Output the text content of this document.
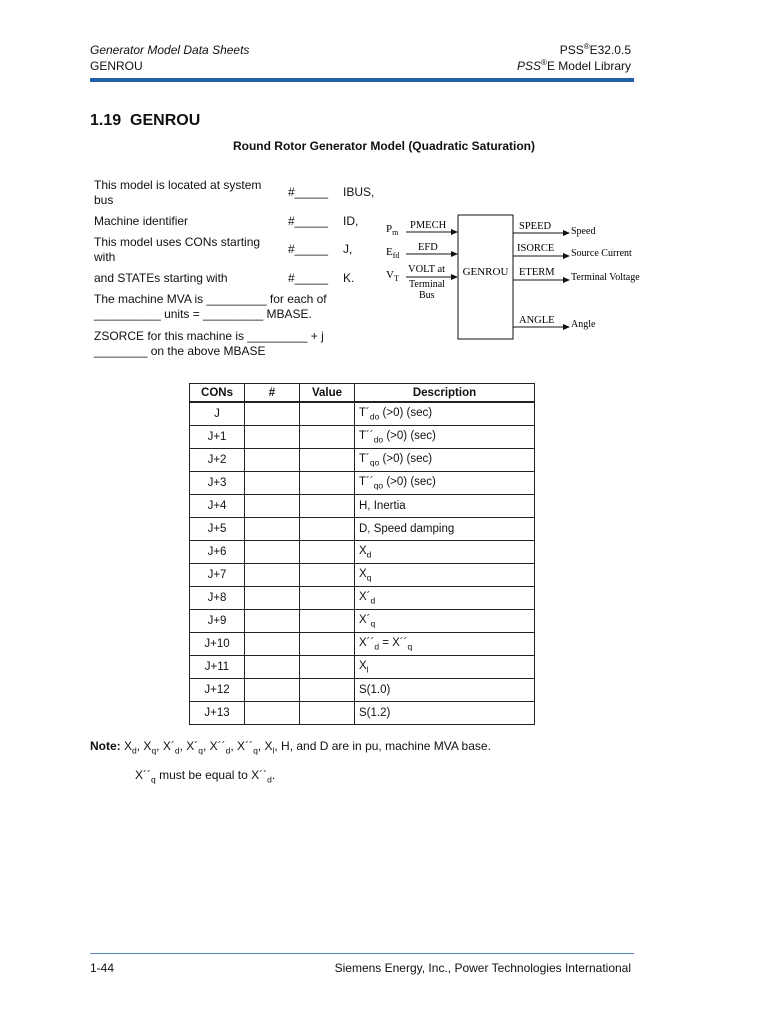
Generator Model Data Sheets
GENROU
PSS®E32.0.5
PSS®E Model Library
1.19 GENROU
Round Rotor Generator Model (Quadratic Saturation)
This model is located at system bus
#_____ IBUS,
Machine identifier	#_____ ID,
This model uses CONs starting with
#_____ J,
and STATEs starting with	#_____ K.
The machine MVA is _________ for each of
__________ units = _________ MBASE.
ZSORCE for this machine is _________ + j
________ on the above MBASE
GENROU
$P_m$
PMECH
$E_{fd}$
EFD
$V_T$
VOLT at
Terminal
Bus
SPEED Speed
ISORCE Source Current
ETERM Terminal Voltage
ANGLE Angle
CONs	#	Value	Description
J			$T´_{do}$ (>0) (sec)
J+1			$T´´_{do}$ (>0) (sec)
J+2			$T´_{qo}$ (>0) (sec)
J+3			$T´´_{qo}$ (>0) (sec)
J+4			H, Inertia
J+5			D, Speed damping
J+6			$X_d$
J+7			$X_q$
J+8			$X´_d$
J+9			$X´_q$
J+10			$X´´_d$ = $X´´_q$
J+11			$X_l$
J+12			S(1.0)
J+13			S(1.2)
Note: $X_d$, $X_q$, $X´_d$, $X´_q$, $X´´_d$, $X´´_q$, $X_l$, H, and D are in pu, machine MVA base.
$X´´_q$ must be equal to $X´´_d$.
1-44	Siemens Energy, Inc., Power Technologies International
